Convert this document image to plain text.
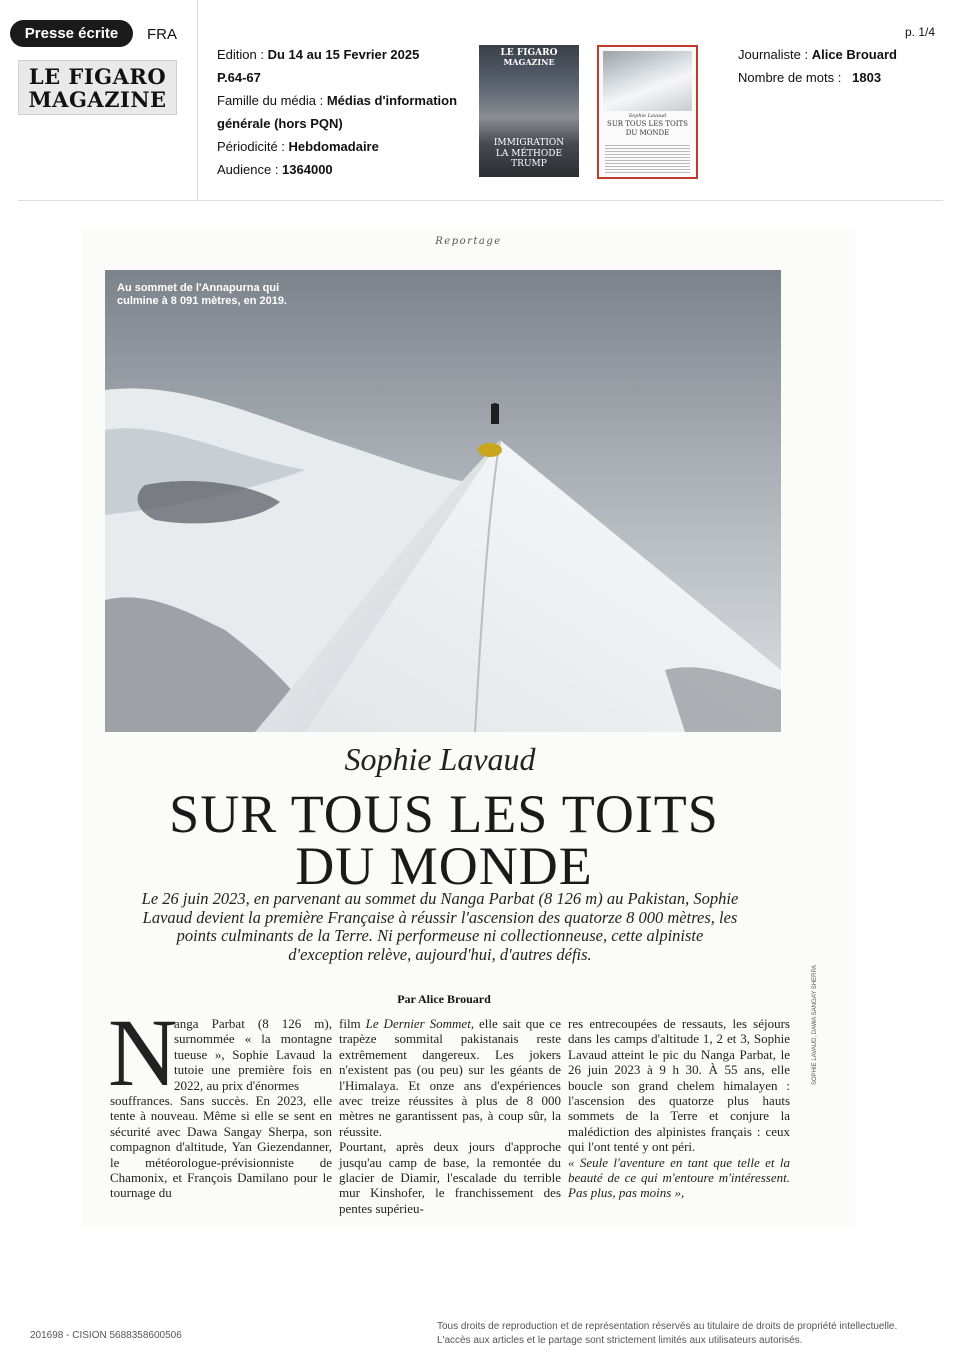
Presse écrite	FRA
LE FIGARO
MAGAZINE
Edition : Du 14 au 15 Fevrier 2025
P.64-67
Famille du média : Médias d'information
générale (hors PQN)
Périodicité : Hebdomadaire
Audience : 1364000
LE FIGARO
MAGAZINE
IMMIGRATION
LA MÉTHODE TRUMP
Sophie Lavaud
SUR TOUS LES TOITS
DU MONDE
p. 1/4
Journaliste : Alice Brouard
Nombre de mots :   1803
Reportage
Au sommet de l'Annapurna qui culmine à 8 091 mètres, en 2019.
SOPHIE LAVAUD, DAWA SANGAY SHERPA
Sophie Lavaud
SUR TOUS LES TOITS
DU MONDE
Le 26 juin 2023, en parvenant au sommet du Nanga Parbat (8 126 m) au Pakistan, Sophie Lavaud devient la première Française à réussir l'ascension des quatorze 8 000 mètres, les points culminants de la Terre. Ni performeuse ni collectionneuse, cette alpiniste d'exception relève, aujourd'hui, d'autres défis.
Par Alice Brouard
N
anga Parbat (8 126 m), surnommée « la montagne tueuse », Sophie Lavaud la tutoie une première fois en 2022, au prix d'énormes
souffrances. Sans succès. En 2023, elle tente à nouveau. Même si elle se sent en sécurité avec Dawa Sangay Sherpa, son compagnon d'altitude, Yan Giezendanner, le météorologue-prévisionniste de Chamonix, et François Damilano pour le tournage du
film Le Dernier Sommet, elle sait que ce trapèze sommital pakistanais reste extrêmement dangereux. Les jokers n'existent pas (ou peu) sur les géants de l'Himalaya. Et onze ans d'expériences avec treize réussites à plus de 8 000 mètres ne garantissent pas, à coup sûr, la réussite.
Pourtant, après deux jours d'approche jusqu'au camp de base, la remontée du glacier de Diamir, l'escalade du terrible mur Kinshofer, le franchissement des pentes supérieu-
res entrecoupées de ressauts, les séjours dans les camps d'altitude 1, 2 et 3, Sophie Lavaud atteint le pic du Nanga Parbat, le 26 juin 2023 à 9 h 30. À 55 ans, elle boucle son grand chelem himalayen : l'ascension des quatorze plus hauts sommets de la Terre et conjure la malédiction des alpinistes français : ceux qui l'ont tenté y ont péri.
« Seule l'aventure en tant que telle et la beauté de ce qui m'entoure m'intéressent. Pas plus, pas moins »,
201698 - CISION 5688358600506
Tous droits de reproduction et de représentation réservés au titulaire de droits de propriété intellectuelle.
L'accès aux articles et le partage sont strictement limités aux utilisateurs autorisés.
